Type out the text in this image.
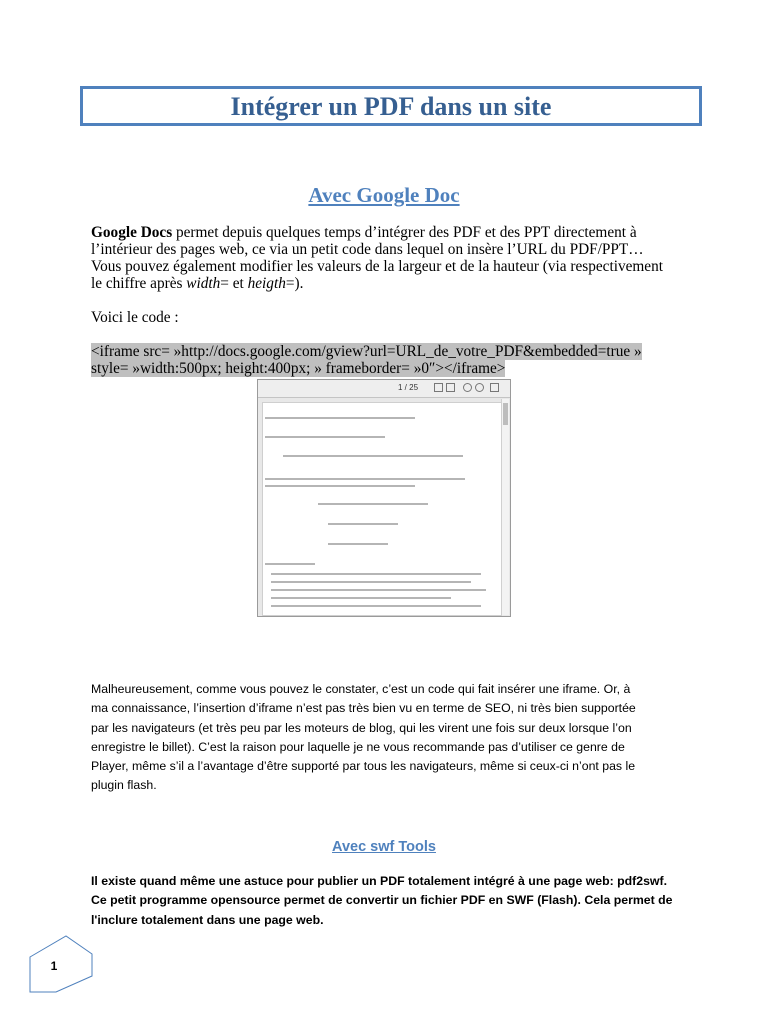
Intégrer un PDF dans un site
Avec Google Doc
Google Docs permet depuis quelques temps d’intégrer des PDF et des PPT directement à
l’intérieur des pages web, ce via un petit code dans lequel on insère l’URL du PDF/PPT…
Vous pouvez également modifier les valeurs de la largeur et de la hauteur (via respectivement
le chiffre après width= et heigth=).
Voici le code :
<iframe src= »http://docs.google.com/gview?url=URL_de_votre_PDF&embedded=true »
style= »width:500px; height:400px; » frameborder= »0″></iframe>
1 / 25
Malheureusement, comme vous pouvez le constater, c’est un code qui fait insérer une iframe. Or, à
ma connaissance, l’insertion d’iframe n’est pas très bien vu en terme de SEO, ni très bien supportée
par les navigateurs (et très peu par les moteurs de blog, qui les virent une fois sur deux lorsque l’on
enregistre le billet). C’est la raison pour laquelle je ne vous recommande pas d’utiliser ce genre de
Player, même s’il a l’avantage d’être supporté par tous les navigateurs, même si ceux-ci n’ont pas le
plugin flash.
Avec swf Tools
Il existe quand même une astuce pour publier un PDF totalement intégré à une page web: pdf2swf.
Ce petit programme opensource permet de convertir un fichier PDF en SWF (Flash). Cela permet de
l'inclure totalement dans une page web.
1
